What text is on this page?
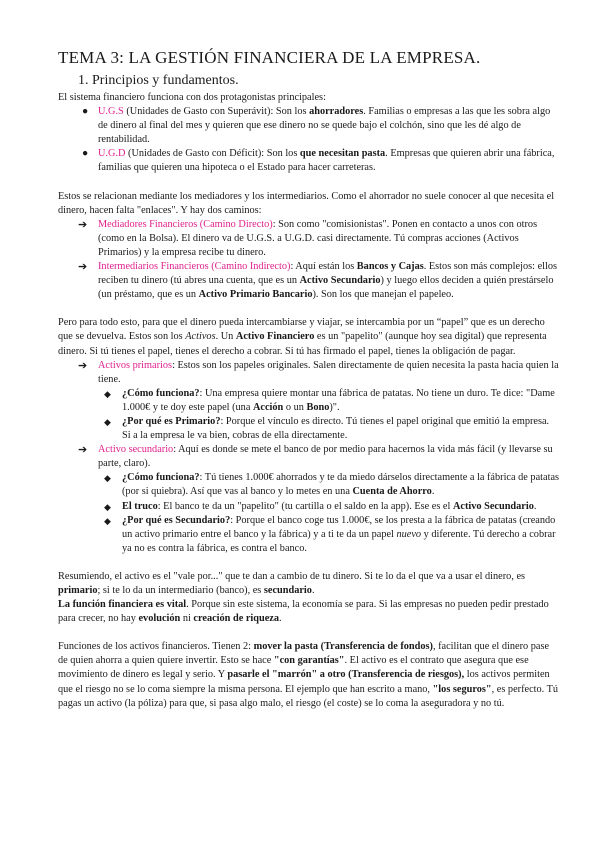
TEMA 3: LA GESTIÓN FINANCIERA DE LA EMPRESA.
1. Principios y fundamentos.

El sistema financiero funciona con dos protagonistas principales:

● U.G.S (Unidades de Gasto con Superávit): Son los ahorradores. Familias o empresas a las que les sobra algo de dinero al final del mes y quieren que ese dinero no se quede bajo el colchón, sino que les dé algo de rentabilidad.
● U.G.D (Unidades de Gasto con Déficit): Son los que necesitan pasta. Empresas que quieren abrir una fábrica, familias que quieren una hipoteca o el Estado para hacer carreteras.

Estos se relacionan mediante los mediadores y los intermediarios. Como el ahorrador no suele conocer al que necesita el dinero, hacen falta "enlaces". Y hay dos caminos:

➔ Mediadores Financieros (Camino Directo): Son como "comisionistas". Ponen en contacto a unos con otros (como en la Bolsa). El dinero va de U.G.S. a U.G.D. casi directamente. Tú compras acciones (Activos Primarios) y la empresa recibe tu dinero.
➔ Intermediarios Financieros (Camino Indirecto): Aquí están los Bancos y Cajas. Estos son más complejos: ellos reciben tu dinero (tú abres una cuenta, que es un Activo Secundario) y luego ellos deciden a quién prestárselo (un préstamo, que es un Activo Primario Bancario). Son los que manejan el papeleo.

Pero para todo esto, para que el dinero pueda intercambiarse y viajar, se intercambia por un “papel” que es un derecho que se devuelva. Estos son los Activos. Un Activo Financiero es un "papelito" (aunque hoy sea digital) que representa dinero. Si tú tienes el papel, tienes el derecho a cobrar. Si tú has firmado el papel, tienes la obligación de pagar.

➔ Activos primarios: Estos son los papeles originales. Salen directamente de quien necesita la pasta hacia quien la tiene.
◆ ¿Cómo funciona?: Una empresa quiere montar una fábrica de patatas. No tiene un duro. Te dice: "Dame 1.000€ y te doy este papel (una Acción o un Bono)".
◆ ¿Por qué es Primario?: Porque el vínculo es directo. Tú tienes el papel original que emitió la empresa. Si a la empresa le va bien, cobras de ella directamente.
➔ Activo secundario: Aquí es donde se mete el banco de por medio para hacernos la vida más fácil (y llevarse su parte, claro).
◆ ¿Cómo funciona?: Tú tienes 1.000€ ahorrados y te da miedo dárselos directamente a la fábrica de patatas (por si quiebra). Así que vas al banco y lo metes en una Cuenta de Ahorro.
◆ El truco: El banco te da un "papelito" (tu cartilla o el saldo en la app). Ese es el Activo Secundario.
◆ ¿Por qué es Secundario?: Porque el banco coge tus 1.000€, se los presta a la fábrica de patatas (creando un activo primario entre el banco y la fábrica) y a ti te da un papel nuevo y diferente. Tú derecho a cobrar ya no es contra la fábrica, es contra el banco.

Resumiendo, el activo es el "vale por..." que te dan a cambio de tu dinero. Si te lo da el que va a usar el dinero, es primario; si te lo da un intermediario (banco), es secundario.

La función financiera es vital. Porque sin este sistema, la economía se para. Si las empresas no pueden pedir prestado para crecer, no hay evolución ni creación de riqueza.

Funciones de los activos financieros. Tienen 2: mover la pasta (Transferencia de fondos), facilitan que el dinero pase de quien ahorra a quien quiere invertir. Esto se hace "con garantías". El activo es el contrato que asegura que ese movimiento de dinero es legal y serio. Y pasarle el "marrón" a otro (Transferencia de riesgos), los activos permiten que el riesgo no se lo coma siempre la misma persona. El ejemplo que han escrito a mano, "los seguros", es perfecto. Tú pagas un activo (la póliza) para que, si pasa algo malo, el riesgo (el coste) se lo coma la aseguradora y no tú.
